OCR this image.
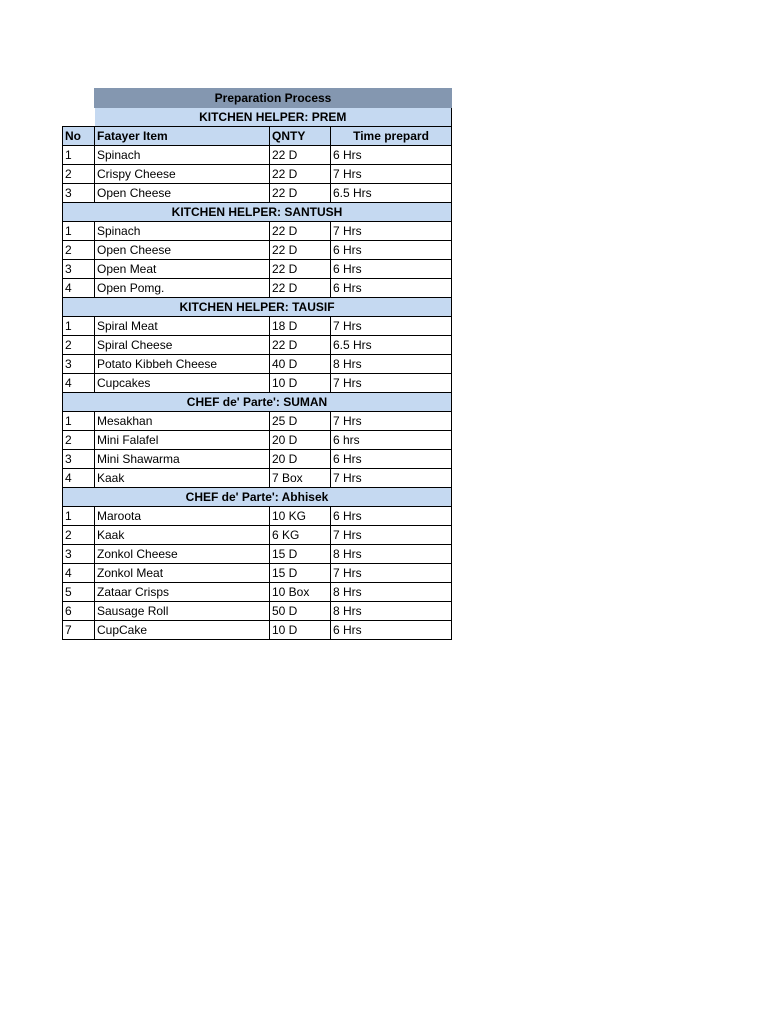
	Preparation Process		
	KITCHEN HELPER: PREM		
No	Fatayer Item	QNTY	Time prepard
1	Spinach	22 D	6 Hrs
2	Crispy Cheese	22 D	7 Hrs
3	Open Cheese	22 D	6.5 Hrs
KITCHEN HELPER: SANTUSH			
1	Spinach	22 D	7 Hrs
2	Open Cheese	22 D	6 Hrs
3	Open Meat	22 D	6 Hrs
4	Open Pomg.	22 D	6 Hrs
KITCHEN HELPER: TAUSIF			
1	Spiral Meat	18 D	7 Hrs
2	Spiral Cheese	22 D	6.5 Hrs
3	Potato Kibbeh Cheese	40 D	8 Hrs
4	Cupcakes	10 D	7 Hrs
CHEF de' Parte': SUMAN			
1	Mesakhan	25 D	7 Hrs
2	Mini Falafel	20 D	6 hrs
3	Mini Shawarma	20 D	6 Hrs
4	Kaak	7 Box	7 Hrs
CHEF de' Parte': Abhisek			
1	Maroota	10 KG	6 Hrs
2	Kaak	6 KG	7 Hrs
3	Zonkol Cheese	15 D	8 Hrs
4	Zonkol Meat	15 D	7 Hrs
5	Zataar Crisps	10 Box	8 Hrs
6	Sausage Roll	50 D	8 Hrs
7	CupCake	10 D	6 Hrs
